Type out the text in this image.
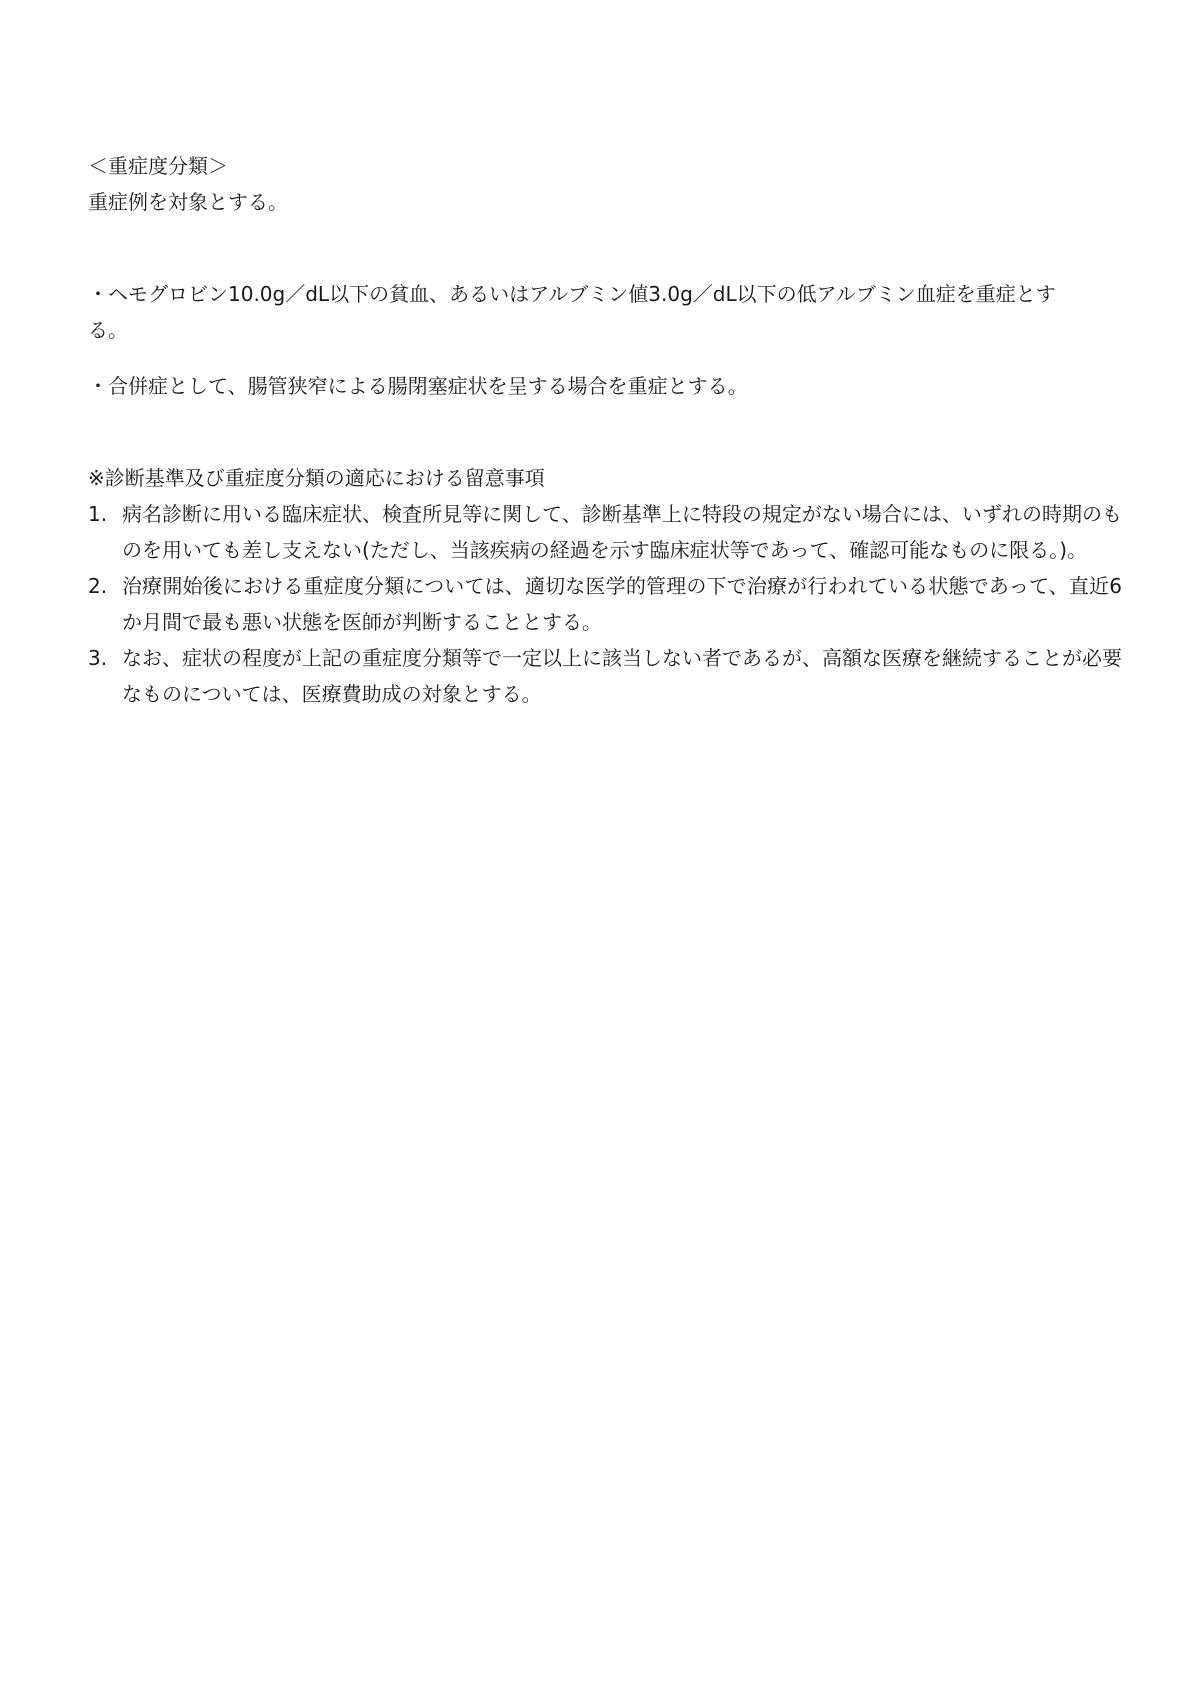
＜重症度分類＞

重症例を対象とする。

・ヘモグロビン10.0g／dL以下の貧血、あるいはアルブミン値3.0g／dL以下の低アルブミン血症を重症とする。

・合併症として、腸管狭窄による腸閉塞症状を呈する場合を重症とする。

※診断基準及び重症度分類の適応における留意事項

1. 病名診断に用いる臨床症状、検査所見等に関して、診断基準上に特段の規定がない場合には、いずれの時期のものを用いても差し支えない(ただし、当該疾病の経過を示す臨床症状等であって、確認可能なものに限る。)。
2. 治療開始後における重症度分類については、適切な医学的管理の下で治療が行われている状態であって、直近6か月間で最も悪い状態を医師が判断することとする。
3. なお、症状の程度が上記の重症度分類等で一定以上に該当しない者であるが、高額な医療を継続することが必要なものについては、医療費助成の対象とする。
